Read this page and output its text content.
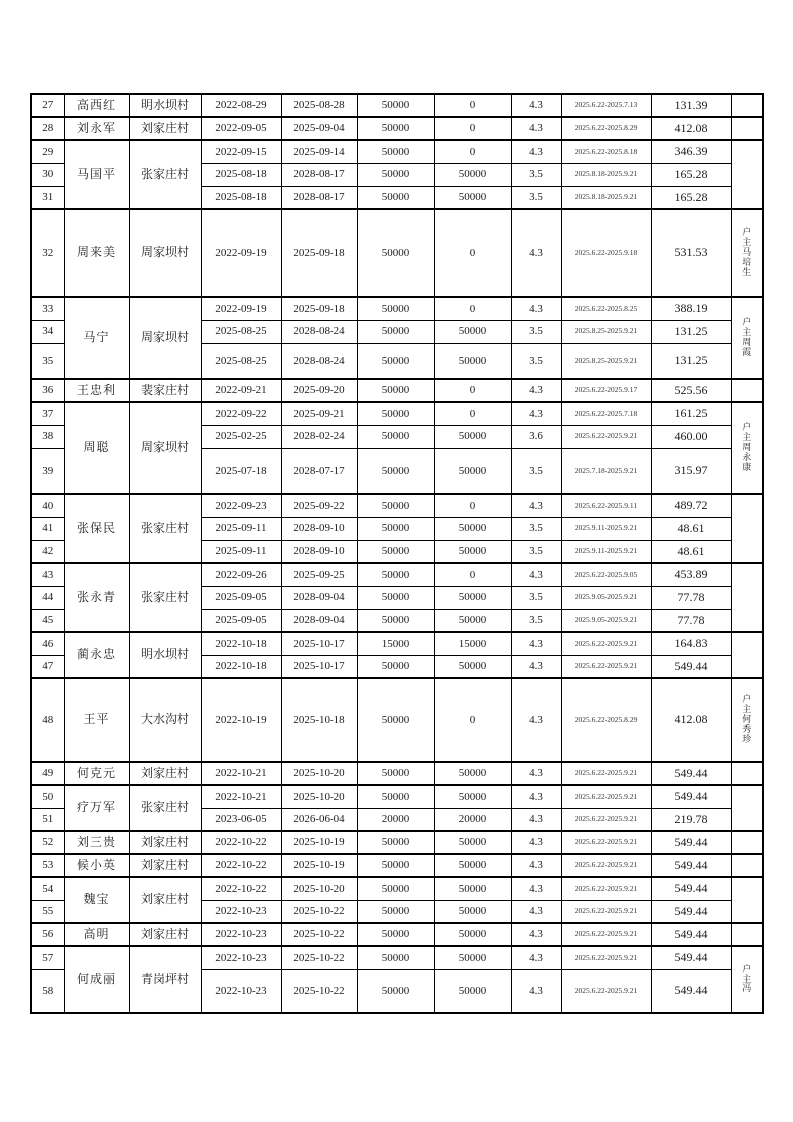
27	高西红	明水坝村	2022-08-29	2025-08-28	50000	0	4.3	2025.6.22-2025.7.13	131.39	
28	刘永军	刘家庄村	2022-09-05	2025-09-04	50000	0	4.3	2025.6.22-2025.8.29	412.08	
29	马国平	张家庄村	2022-09-15	2025-09-14	50000	0	4.3	2025.6.22-2025.8.18	346.39	
30			2025-08-18	2028-08-17	50000	50000	3.5	2025.8.18-2025.9.21	165.28	
31			2025-08-18	2028-08-17	50000	50000	3.5	2025.8.18-2025.9.21	165.28	
32	周来美	周家坝村	2022-09-19	2025-09-18	50000	0	4.3	2025.6.22-2025.9.18	531.53	户
主
马
培
生

33	马宁	周家坝村	2022-09-19	2025-09-18	50000	0	4.3	2025.6.22-2025.8.25	388.19	户
主
周
霞

34			2025-08-25	2028-08-24	50000	50000	3.5	2025.8.25-2025.9.21	131.25	
35			2025-08-25	2028-08-24	50000	50000	3.5	2025.8.25-2025.9.21	131.25	
36	王忠利	裴家庄村	2022-09-21	2025-09-20	50000	0	4.3	2025.6.22-2025.9.17	525.56	
37	周聪	周家坝村	2022-09-22	2025-09-21	50000	0	4.3	2025.6.22-2025.7.18	161.25	户
主
周
永
康

38			2025-02-25	2028-02-24	50000	50000	3.6	2025.6.22-2025.9.21	460.00	
39			2025-07-18	2028-07-17	50000	50000	3.5	2025.7.18-2025.9.21	315.97	
40	张保民	张家庄村	2022-09-23	2025-09-22	50000	0	4.3	2025.6.22-2025.9.11	489.72	
41			2025-09-11	2028-09-10	50000	50000	3.5	2025.9.11-2025.9.21	48.61	
42			2025-09-11	2028-09-10	50000	50000	3.5	2025.9.11-2025.9.21	48.61	
43	张永青	张家庄村	2022-09-26	2025-09-25	50000	0	4.3	2025.6.22-2025.9.05	453.89	
44			2025-09-05	2028-09-04	50000	50000	3.5	2025.9.05-2025.9.21	77.78	
45			2025-09-05	2028-09-04	50000	50000	3.5	2025.9.05-2025.9.21	77.78	
46	蔺永忠	明水坝村	2022-10-18	2025-10-17	15000	15000	4.3	2025.6.22-2025.9.21	164.83	
47			2022-10-18	2025-10-17	50000	50000	4.3	2025.6.22-2025.9.21	549.44	
48	王平	大水沟村	2022-10-19	2025-10-18	50000	0	4.3	2025.6.22-2025.8.29	412.08	户
主
何
秀
珍

49	何克元	刘家庄村	2022-10-21	2025-10-20	50000	50000	4.3	2025.6.22-2025.9.21	549.44	
50	疗万军	张家庄村	2022-10-21	2025-10-20	50000	50000	4.3	2025.6.22-2025.9.21	549.44	
51			2023-06-05	2026-06-04	20000	20000	4.3	2025.6.22-2025.9.21	219.78	
52	刘三贵	刘家庄村	2022-10-22	2025-10-19	50000	50000	4.3	2025.6.22-2025.9.21	549.44	
53	候小英	刘家庄村	2022-10-22	2025-10-19	50000	50000	4.3	2025.6.22-2025.9.21	549.44	
54	魏宝	刘家庄村	2022-10-22	2025-10-20	50000	50000	4.3	2025.6.22-2025.9.21	549.44	
55			2022-10-23	2025-10-22	50000	50000	4.3	2025.6.22-2025.9.21	549.44	
56	高明	刘家庄村	2022-10-23	2025-10-22	50000	50000	4.3	2025.6.22-2025.9.21	549.44	
57	何成丽	青岗坪村	2022-10-23	2025-10-22	50000	50000	4.3	2025.6.22-2025.9.21	549.44	户
主
冯

58			2022-10-23	2025-10-22	50000	50000	4.3	2025.6.22-2025.9.21	549.44	
